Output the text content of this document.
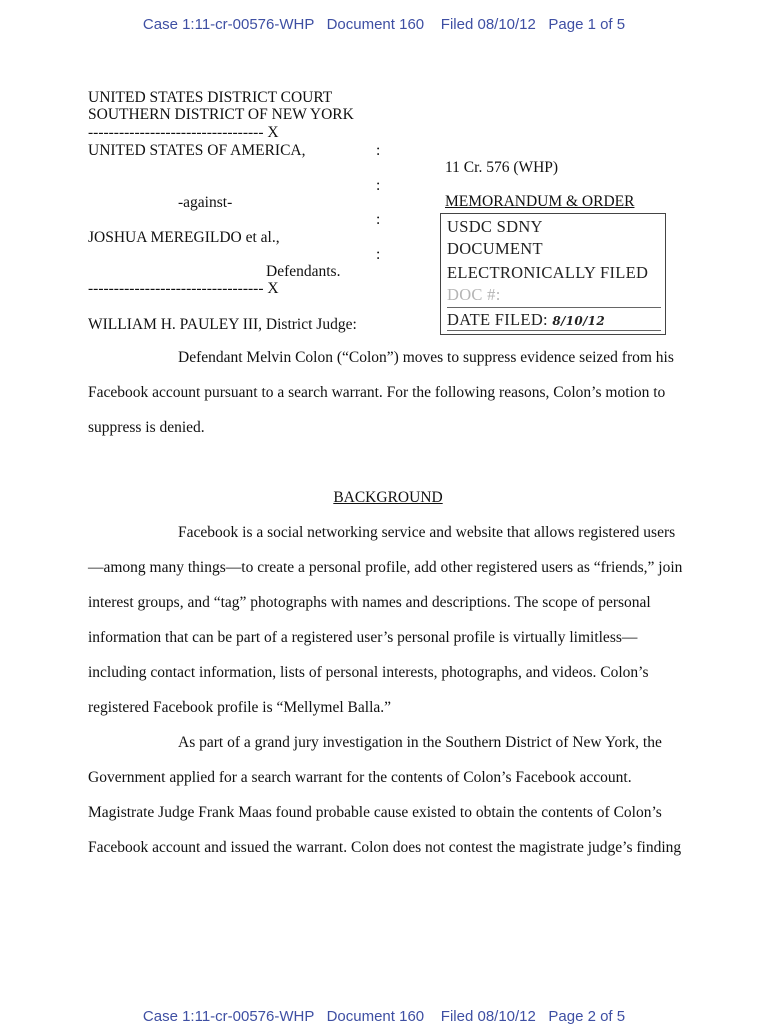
Case 1:11-cr-00576-WHP   Document 160    Filed 08/10/12   Page 1 of 5
UNITED STATES DISTRICT COURT
SOUTHERN DISTRICT OF NEW YORK
---------------------------------- X
UNITED STATES OF AMERICA,	:
:
-against-
:
JOSHUA MEREGILDO et al.,
:
Defendants.
---------------------------------- X
11 Cr. 576 (WHP)
MEMORANDUM & ORDER
USDC SDNY
DOCUMENT
ELECTRONICALLY FILED
DOC #:
DATE FILED: 8/10/12
WILLIAM H. PAULEY III, District Judge:

Defendant Melvin Colon (“Colon”) moves to suppress evidence seized from his Facebook account pursuant to a search warrant. For the following reasons, Colon’s motion to suppress is denied.

BACKGROUND

Facebook is a social networking service and website that allows registered users—among many things—to create a personal profile, add other registered users as “friends,” join interest groups, and “tag” photographs with names and descriptions. The scope of personal information that can be part of a registered user’s personal profile is virtually limitless—including contact information, lists of personal interests, photographs, and videos. Colon’s registered Facebook profile is “Mellymel Balla.”

As part of a grand jury investigation in the Southern District of New York, the Government applied for a search warrant for the contents of Colon’s Facebook account. Magistrate Judge Frank Maas found probable cause existed to obtain the contents of Colon’s Facebook account and issued the warrant. Colon does not contest the magistrate judge’s finding

Case 1:11-cr-00576-WHP   Document 160    Filed 08/10/12   Page 2 of 5
